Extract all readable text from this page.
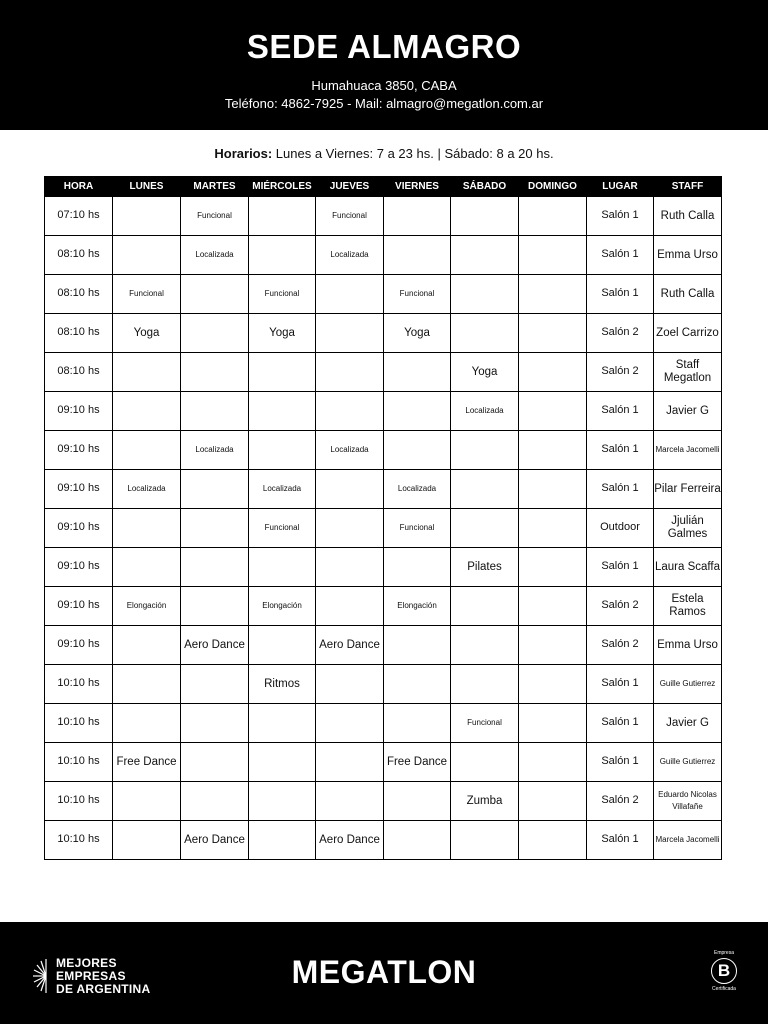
SEDE ALMAGRO
Humahuaca 3850, CABA
Teléfono: 4862-7925 - Mail: almagro@megatlon.com.ar
Horarios: Lunes a Viernes: 7 a 23 hs. | Sábado: 8 a 20 hs.
HORA	LUNES	MARTES	MIÉRCOLES	JUEVES	VIERNES	SÁBADO	DOMINGO	LUGAR	STAFF
07:10 hs		Funcional		Funcional				Salón 1	Ruth Calla
08:10 hs		Localizada		Localizada				Salón 1	Emma Urso
08:10 hs	Funcional		Funcional		Funcional			Salón 1	Ruth Calla
08:10 hs	Yoga		Yoga		Yoga			Salón 2	Zoel Carrizo
08:10 hs						Yoga		Salón 2	Staff Megatlon
09:10 hs						Localizada		Salón 1	Javier G
09:10 hs		Localizada		Localizada				Salón 1	Marcela Jacomelli
09:10 hs	Localizada		Localizada		Localizada			Salón 1	Pilar Ferreira
09:10 hs			Funcional		Funcional			Outdoor	Jjulián Galmes
09:10 hs						Pilates		Salón 1	Laura Scaffa
09:10 hs	Elongación		Elongación		Elongación			Salón 2	Estela Ramos
09:10 hs		Aero Dance		Aero Dance				Salón 2	Emma Urso
10:10 hs			Ritmos					Salón 1	Guille Gutierrez
10:10 hs						Funcional		Salón 1	Javier G
10:10 hs	Free Dance				Free Dance			Salón 1	Guille Gutierrez
10:10 hs						Zumba		Salón 2	Eduardo Nicolas Villafañe
10:10 hs		Aero Dance		Aero Dance				Salón 1	Marcela Jacomelli
MEJORES
EMPRESAS
DE ARGENTINA	MEGATLON
Empresa
B
Certificada
